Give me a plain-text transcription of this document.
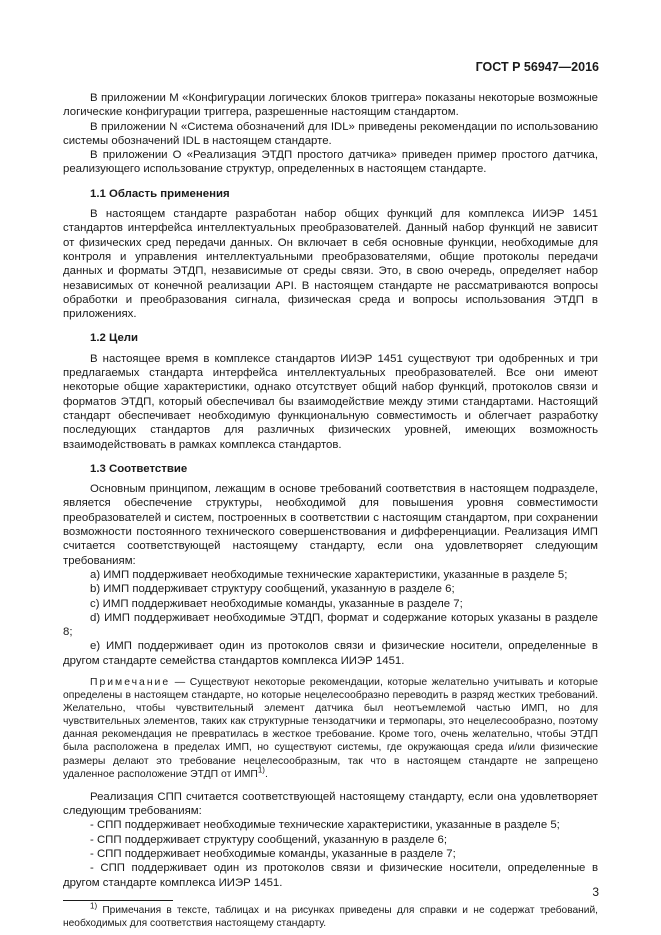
ГОСТ Р 56947—2016

В приложении М «Конфигурации логических блоков триггера» показаны некоторые возможные логические конфигурации триггера, разрешенные настоящим стандартом.

В приложении N «Система обозначений для IDL» приведены рекомендации по использованию системы обозначений IDL в настоящем стандарте.

В приложении О «Реализация ЭТДП простого датчика» приведен пример простого датчика, реализующего использование структур, определенных в настоящем стандарте.

1.1 Область применения

В настоящем стандарте разработан набор общих функций для комплекса ИИЭР 1451 стандартов интерфейса интеллектуальных преобразователей. Данный набор функций не зависит от физических сред передачи данных. Он включает в себя основные функции, необходимые для контроля и управления интеллектуальными преобразователями, общие протоколы передачи данных и форматы ЭТДП, независимые от среды связи. Это, в свою очередь, определяет набор независимых от конечной реализации API. В настоящем стандарте не рассматриваются вопросы обработки и преобразования сигнала, физическая среда и вопросы использования ЭТДП в приложениях.

1.2 Цели

В настоящее время в комплексе стандартов ИИЭР 1451 существуют три одобренных и три предлагаемых стандарта интерфейса интеллектуальных преобразователей. Все они имеют некоторые общие характеристики, однако отсутствует общий набор функций, протоколов связи и форматов ЭТДП, который обеспечивал бы взаимодействие между этими стандартами. Настоящий стандарт обеспечивает необходимую функциональную совместимость и облегчает разработку последующих стандартов для различных физических уровней, имеющих возможность взаимодействовать в рамках комплекса стандартов.

1.3 Соответствие

Основным принципом, лежащим в основе требований соответствия в настоящем подразделе, является обеспечение структуры, необходимой для повышения уровня совместимости преобразователей и систем, построенных в соответствии с настоящим стандартом, при сохранении возможности постоянного технического совершенствования и дифференциации. Реализация ИМП считается соответствующей настоящему стандарту, если она удовлетворяет следующим требованиям:

a) ИМП поддерживает необходимые технические характеристики, указанные в разделе 5;

b) ИМП поддерживает структуру сообщений, указанную в разделе 6;

c) ИМП поддерживает необходимые команды, указанные в разделе 7;

d) ИМП поддерживает необходимые ЭТДП, формат и содержание которых указаны в разделе 8;

e) ИМП поддерживает один из протоколов связи и физические носители, определенные в другом стандарте семейства стандартов комплекса ИИЭР 1451.

Примечание — Существуют некоторые рекомендации, которые желательно учитывать и которые определены в настоящем стандарте, но которые нецелесообразно переводить в разряд жестких требований. Желательно, чтобы чувствительный элемент датчика был неотъемлемой частью ИМП, но для чувствительных элементов, таких как структурные тензодатчики и термопары, это нецелесообразно, поэтому данная рекомендация не превратилась в жесткое требование. Кроме того, очень желательно, чтобы ЭТДП была расположена в пределах ИМП, но существуют системы, где окружающая среда и/или физические размеры делают это требование нецелесообразным, так что в настоящем стандарте не запрещено удаленное расположение ЭТДП от ИМП$^{1)}$.

Реализация СПП считается соответствующей настоящему стандарту, если она удовлетворяет следующим требованиям:

- СПП поддерживает необходимые технические характеристики, указанные в разделе 5;

- СПП поддерживает структуру сообщений, указанную в разделе 6;

- СПП поддерживает необходимые команды, указанные в разделе 7;

- СПП поддерживает один из протоколов связи и физические носители, определенные в другом стандарте комплекса ИИЭР 1451.

$^{1)}$ Примечания в тексте, таблицах и на рисунках приведены для справки и не содержат требований, необходимых для соответствия настоящему стандарту.

3
